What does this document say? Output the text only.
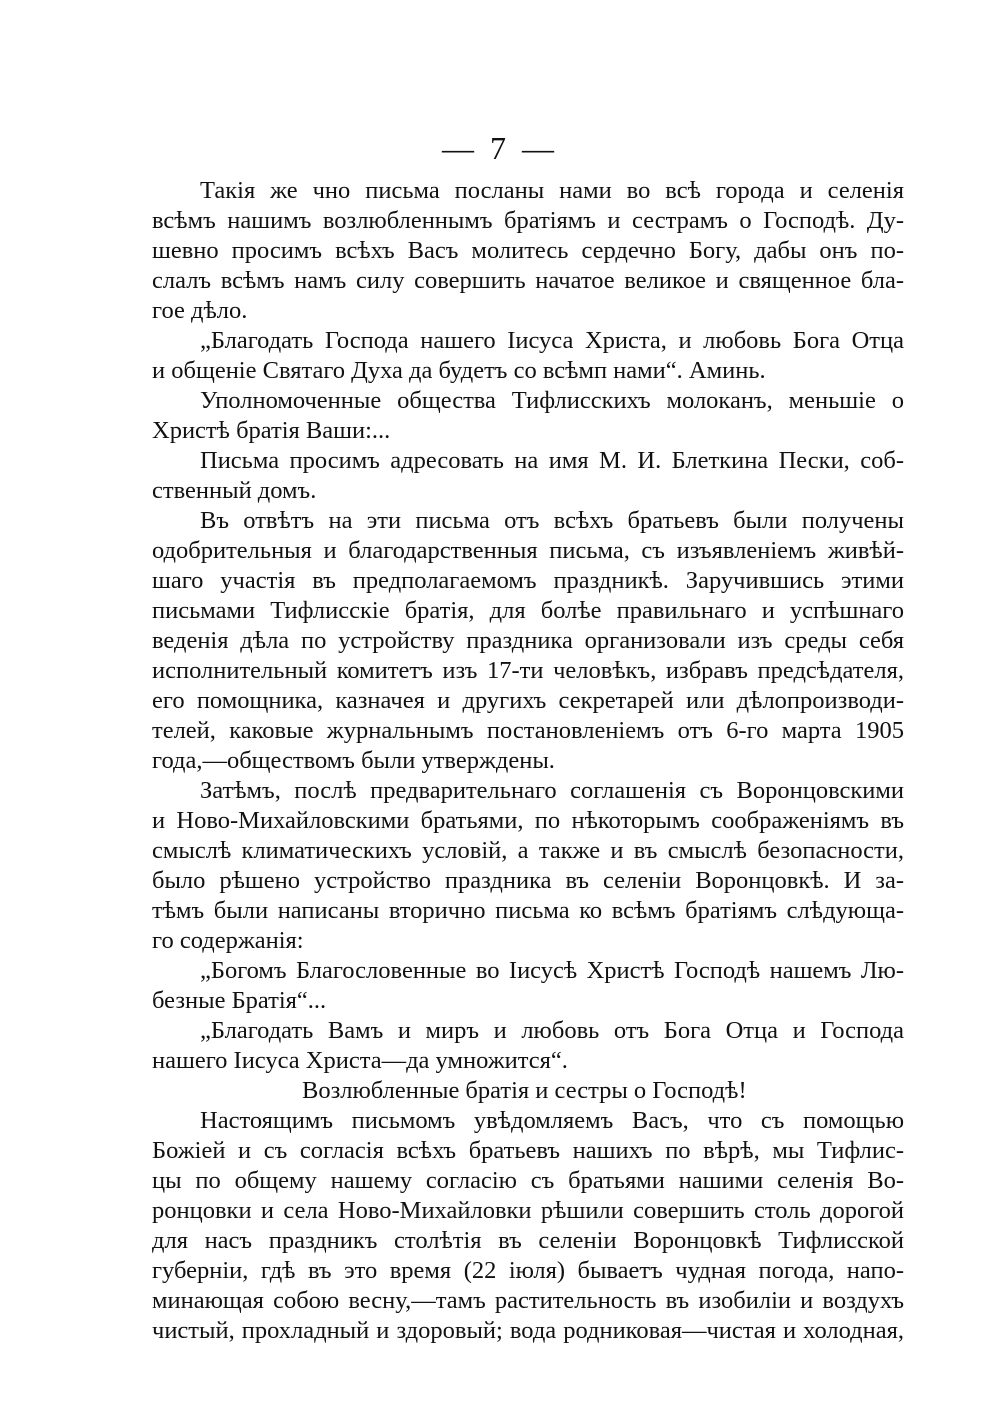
— 7 —
Такія же чно письма посланы нами во всѣ города и селенія
всѣмъ нашимъ возлюбленнымъ братіямъ и сестрамъ о Господѣ. Ду-
шевно просимъ всѣхъ Васъ молитесь сердечно Богу, дабы онъ по-
слалъ всѣмъ намъ силу совершить начатое великое и священное бла-
гое дѣло.
„Благодать Господа нашего Іисуса Христа, и любовь Бога Отца
и общеніе Святаго Духа да будетъ со всѣмп нами“. Аминь.
Уполномоченные общества Тифлисскихъ молоканъ, меньшіе о
Христѣ братія Ваши:...
Письма просимъ адресовать на имя М. И. Блеткина Пески, соб-
ственный домъ.
Въ отвѣтъ на эти письма отъ всѣхъ братьевъ были получены
одобрительныя и благодарственныя письма, съ изъявленіемъ живѣй-
шаго участія въ предполагаемомъ праздникѣ. Заручившись этими
письмами Тифлисскіе братія, для болѣе правильнаго и успѣшнаго
веденія дѣла по устройству праздника организовали изъ среды себя
исполнительный комитетъ изъ 17-ти человѣкъ, избравъ предсѣдателя,
его помощника, казначея и другихъ секретарей или дѣлопроизводи-
телей, каковые журнальнымъ постановленіемъ отъ 6-го марта 1905
года,—обществомъ были утверждены.
Затѣмъ, послѣ предварительнаго соглашенія съ Воронцовскими
и Ново-Михайловскими братьями, по нѣкоторымъ соображеніямъ въ
смыслѣ климатическихъ условій, а также и въ смыслѣ безопасности,
было рѣшено устройство праздника въ селеніи Воронцовкѣ. И за-
тѣмъ были написаны вторично письма ко всѣмъ братіямъ слѣдующа-
го содержанія:
„Богомъ Благословенные во Іисусѣ Христѣ Господѣ нашемъ Лю-
безные Братія“...
„Благодать Вамъ и миръ и любовь отъ Бога Отца и Господа
нашего Іисуса Христа—да умножится“.
Возлюбленные братія и сестры о Господѣ!
Настоящимъ письмомъ увѣдомляемъ Васъ, что съ помощью
Божіей и съ согласія всѣхъ братьевъ нашихъ по вѣрѣ, мы Тифлис-
цы по общему нашему согласію съ братьями нашими селенія Во-
ронцовки и села Ново-Михайловки рѣшили совершить столь дорогой
для насъ праздникъ столѣтія въ селеніи Воронцовкѣ Тифлисской
губерніи, гдѣ въ это время (22 іюля) бываетъ чудная погода, напо-
минающая собою весну,—тамъ растительность въ изобиліи и воздухъ
чистый, прохладный и здоровый; вода родниковая—чистая и холодная,
